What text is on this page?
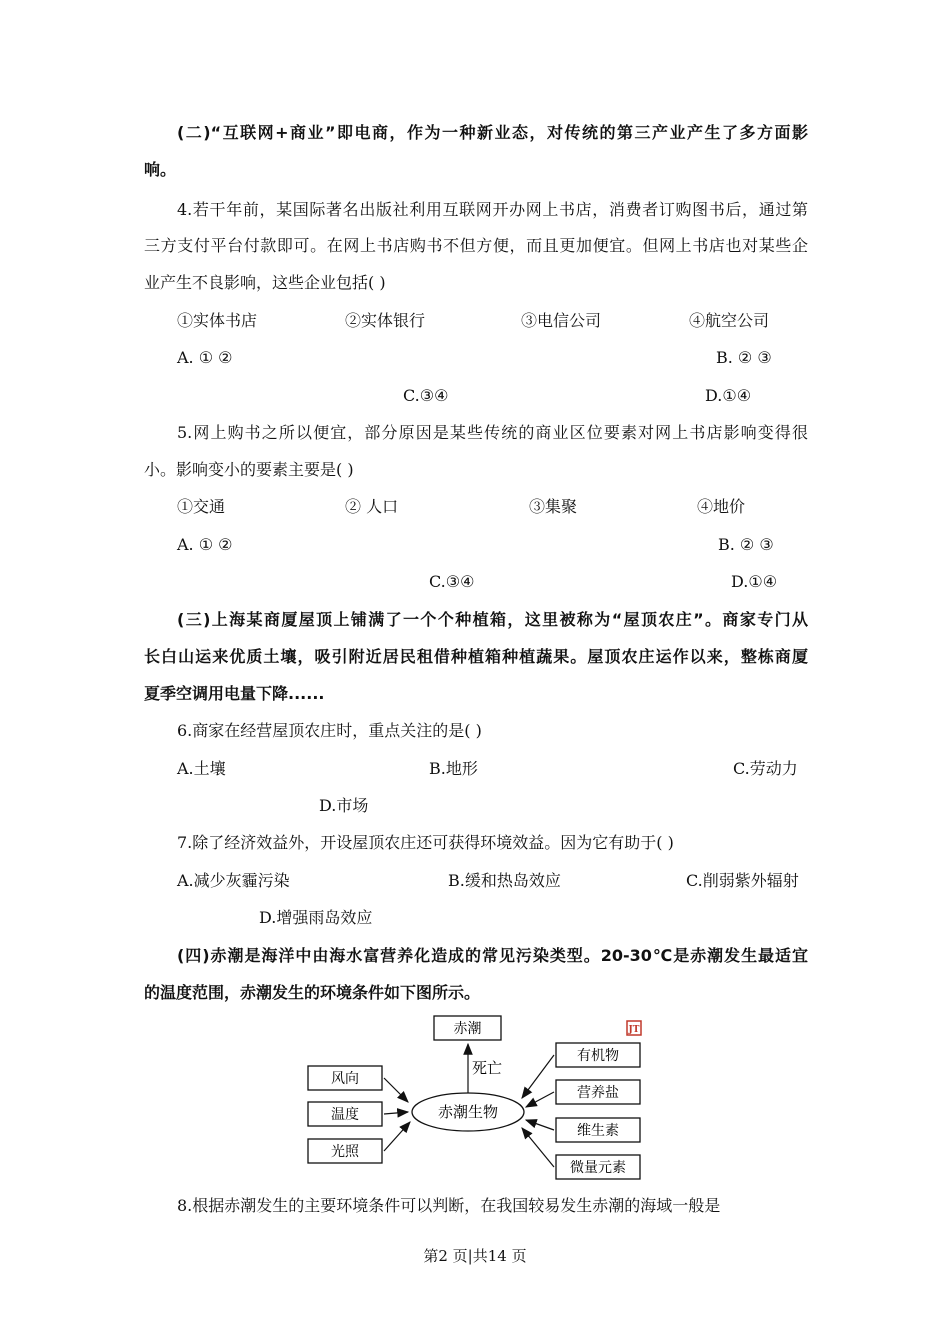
(二)“互联网+商业”即电商，作为一种新业态，对传统的第三产业产生了多方面影
响。
4.若干年前，某国际著名出版社利用互联网开办网上书店，消费者订购图书后，通过第
三方支付平台付款即可。在网上书店购书不但方便，而且更加便宜。但网上书店也对某些企
业产生不良影响，这些企业包括( )
①实体书店	②实体银行	③电信公司	④航空公司
A. ① ②	B. ② ③
C.③④	D.①④
5.网上购书之所以便宜，部分原因是某些传统的商业区位要素对网上书店影响变得很
小。影响变小的要素主要是( )
①交通	② 人口	③集聚	④地价
A. ① ②	B. ② ③
C.③④	D.①④
(三)上海某商厦屋顶上铺满了一个个种植箱，这里被称为“屋顶农庄”。商家专门从
长白山运来优质土壤，吸引附近居民租借种植箱种植蔬果。屋顶农庄运作以来，整栋商厦
夏季空调用电量下降......
6.商家在经营屋顶农庄时，重点关注的是( )
A.土壤	B.地形	C.劳动力
D.市场
7.除了经济效益外，开设屋顶农庄还可获得环境效益。因为它有助于( )
A.减少灰霾污染	B.缓和热岛效应	C.削弱紫外辐射
D.增强雨岛效应
(四)赤潮是海洋中由海水富营养化造成的常见污染类型。20-30℃是赤潮发生最适宜
的温度范围，赤潮发生的环境条件如下图所示。
赤潮
死亡
赤潮生物
风向
温度
光照
有机物
营养盐
维生素
微量元素
JT
8.根据赤潮发生的主要环境条件可以判断，在我国较易发生赤潮的海域一般是
第2 页|共14 页
